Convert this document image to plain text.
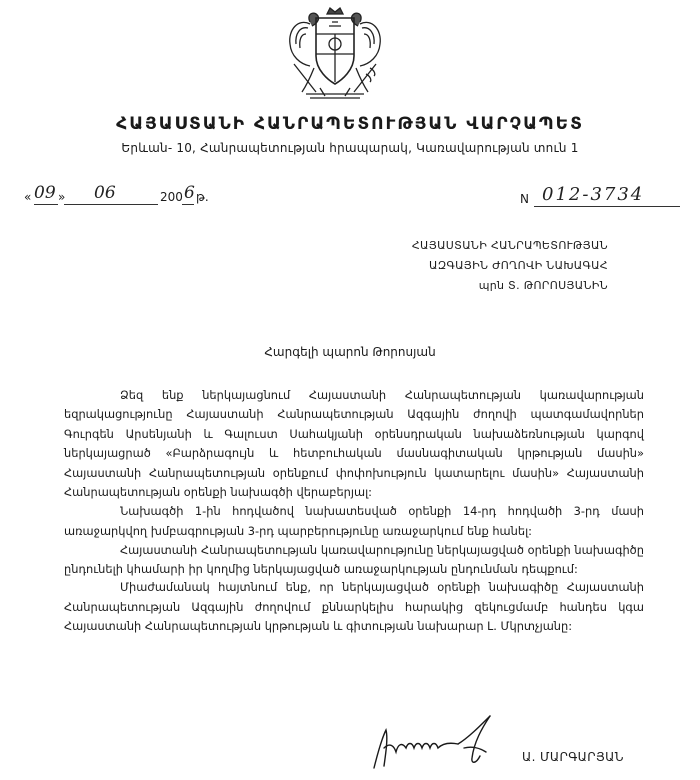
ՀԱՅԱՍՏԱՆԻ ՀԱՆՐԱՊԵՏՈՒԹՅԱՆ ՎԱՐՉԱՊԵՏ
Երևան- 10, Հանրապետության հրապարակ, Կառավարության տուն 1
« 09 » 06	200 6 թ.	N 012-3734
ՀԱՅԱՍՏԱՆԻ ՀԱՆՐԱՊԵՏՈՒԹՅԱՆ
ԱԶԳԱՅԻՆ ԺՈՂՈՎԻ ՆԱԽԱԳԱՀ
պրն Տ. ԹՈՐՈՍՅԱՆԻՆ
Հարգելի պարոն Թորոսյան

Ձեզ ենք ներկայացնում Հայաստանի Հանրապետության կառավարության եզրակացությունը Հայաստանի Հանրապետության Ազգային ժողովի պատգամավորներ Գուրգեն Արսենյանի և Գալուստ Սահակյանի օրենսդրական նախաձեռնության կարգով ներկայացրած «Բարձրագույն և հետբուհական մասնագիտական կրթության մասին» Հայաստանի Հանրապետության օրենքում փոփոխություն կատարելու մասին» Հայաստանի Հանրապետության օրենքի նախագծի վերաբերյալ:

Նախագծի 1-ին հոդվածով նախատեսված օրենքի 14-րդ հոդվածի 3-րդ մասի առաջարկվող խմբագրության 3-րդ պարբերությունը առաջարկում ենք հանել:

Հայաստանի Հանրապետության կառավարությունը ներկայացված օրենքի նախագիծը ընդունելի կհամարի իր կողմից ներկայացված առաջարկության ընդունման դեպքում:

Միաժամանակ հայտնում ենք, որ ներկայացված օրենքի նախագիծը Հայաստանի Հանրապետության Ազգային ժողովում քննարկելիս հարակից զեկուցմամբ հանդես կգա Հայաստանի Հանրապետության կրթության և գիտության նախարար Լ. Մկրտչյանը:

Ա. ՄԱՐԳԱՐՅԱՆ
